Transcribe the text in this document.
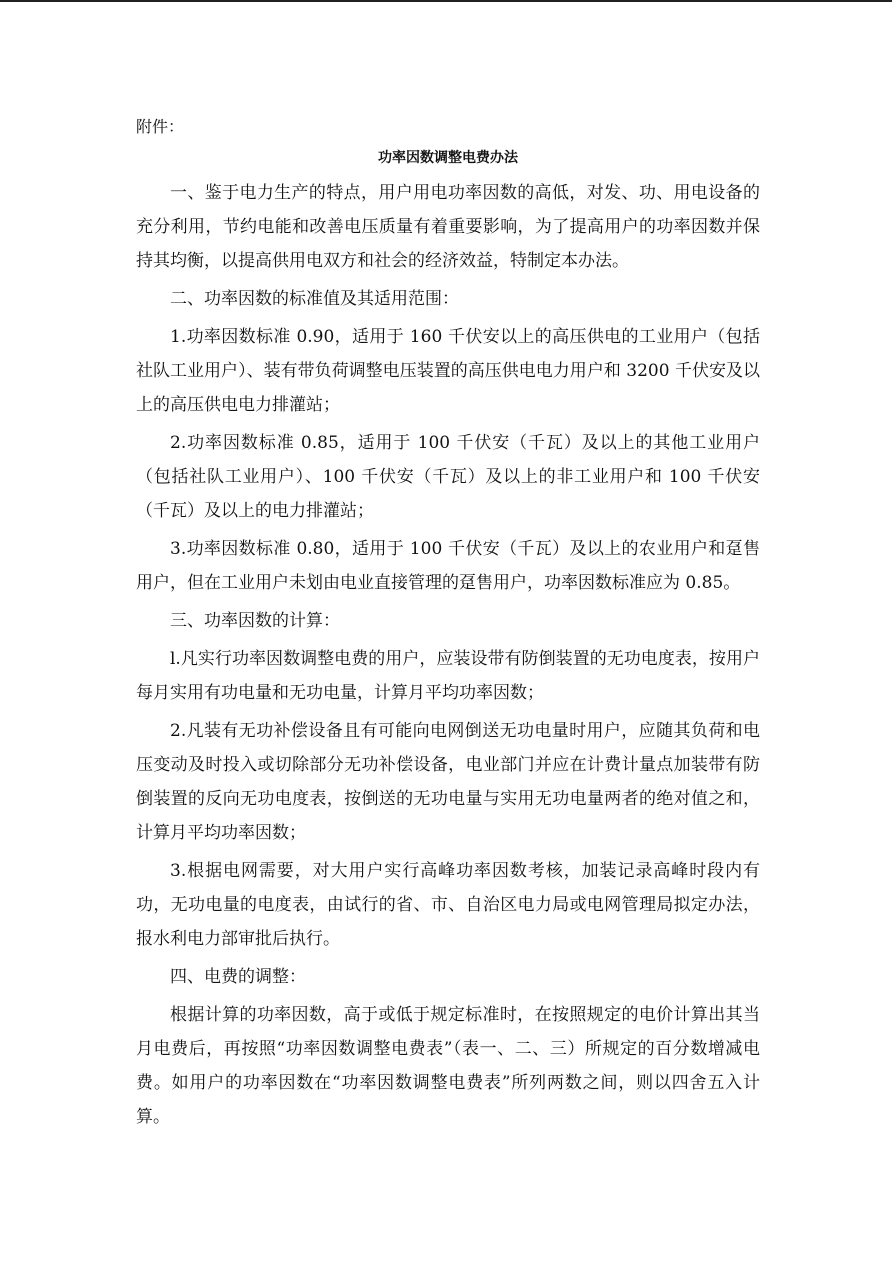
附件：
功率因数调整电费办法

一、鉴于电力生产的特点，用户用电功率因数的高低，对发、功、用电设备的充分利用，节约电能和改善电压质量有着重要影响，为了提高用户的功率因数并保持其均衡，以提高供用电双方和社会的经济效益，特制定本办法。

二、功率因数的标准值及其适用范围：

1.功率因数标准 0.90，适用于 160 千伏安以上的高压供电的工业用户（包括社队工业用户）、装有带负荷调整电压装置的高压供电电力用户和 3200 千伏安及以上的高压供电电力排灌站；

2.功率因数标准 0.85，适用于 100 千伏安（千瓦）及以上的其他工业用户（包括社队工业用户）、100 千伏安（千瓦）及以上的非工业用户和 100 千伏安（千瓦）及以上的电力排灌站；

3.功率因数标准 0.80，适用于 100 千伏安（千瓦）及以上的农业用户和趸售用户，但在工业用户未划由电业直接管理的趸售用户，功率因数标准应为 0.85。

三、功率因数的计算：

l.凡实行功率因数调整电费的用户，应装设带有防倒装置的无功电度表，按用户每月实用有功电量和无功电量，计算月平均功率因数；

2.凡装有无功补偿设备且有可能向电网倒送无功电量时用户，应随其负荷和电压变动及时投入或切除部分无功补偿设备，电业部门并应在计费计量点加装带有防倒装置的反向无功电度表，按倒送的无功电量与实用无功电量两者的绝对值之和，计算月平均功率因数；

3.根据电网需要，对大用户实行高峰功率因数考核，加装记录高峰时段内有功，无功电量的电度表，由试行的省、市、自治区电力局或电网管理局拟定办法，报水利电力部审批后执行。

四、电费的调整：

根据计算的功率因数，高于或低于规定标准时，在按照规定的电价计算出其当月电费后，再按照“功率因数调整电费表”（表一、二、三）所规定的百分数增减电费。如用户的功率因数在“功率因数调整电费表”所列两数之间，则以四舍五入计算。
